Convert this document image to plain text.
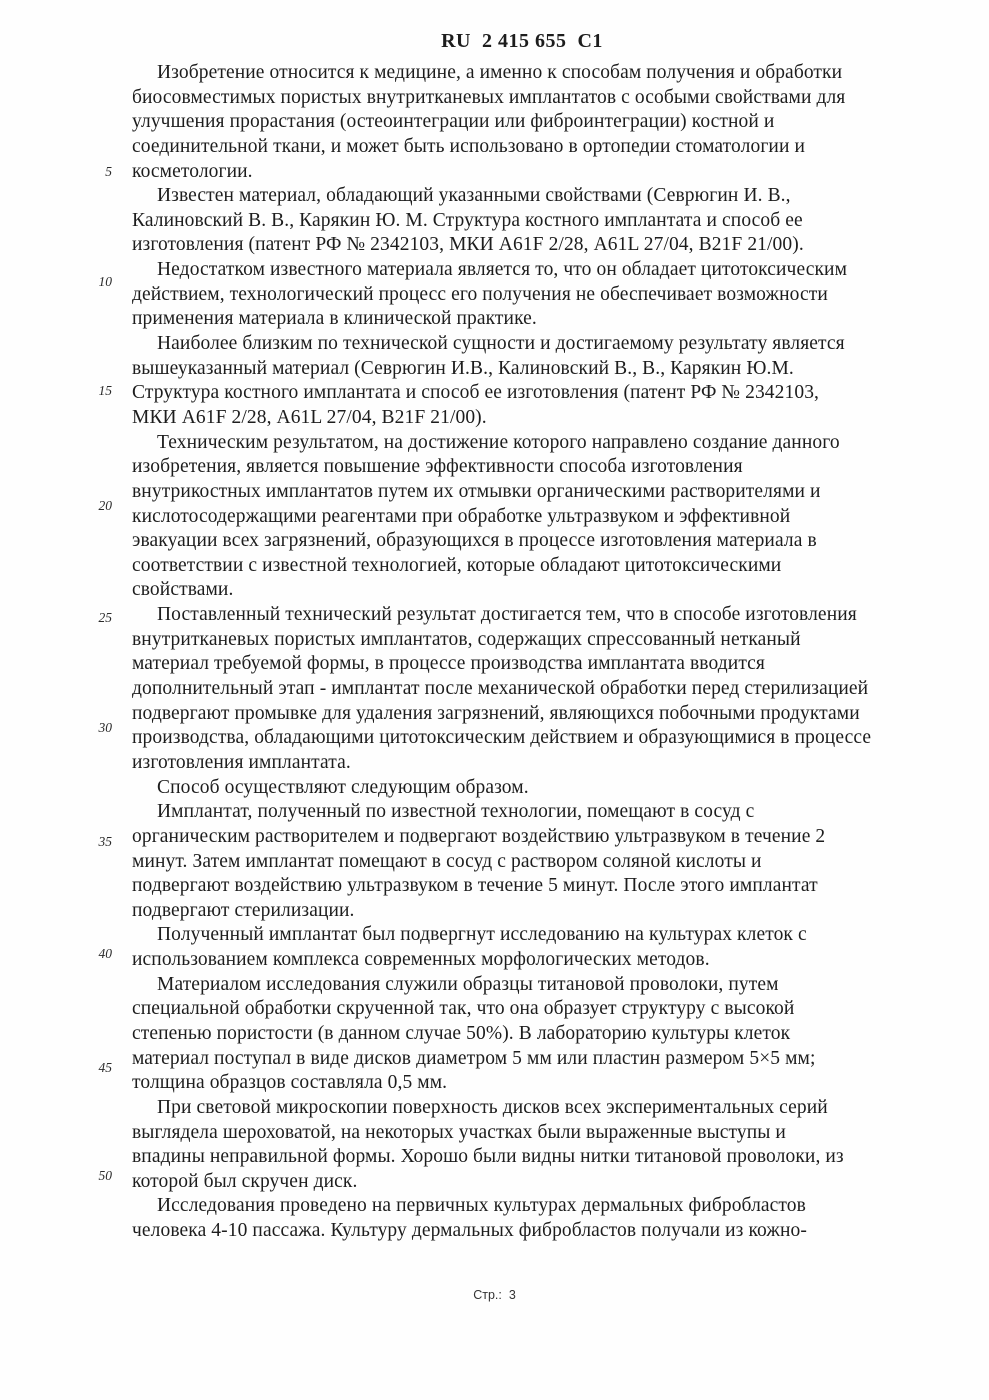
RU 2 415 655 C1
5
10
15
20
25
30
35
40
45
50
Изобретение относится к медицине, а именно к способам получения и обработки
биосовместимых пористых внутритканевых имплантатов с особыми свойствами для
улучшения прорастания (остеоинтеграции или фиброинтеграции) костной и
соединительной ткани, и может быть использовано в ортопедии стоматологии и
косметологии.
Известен материал, обладающий указанными свойствами (Севрюгин И. В.,
Калиновский В. В., Карякин Ю. М. Структура костного имплантата и способ ее
изготовления (патент РФ № 2342103, МКИ А61F 2/28, А61L 27/04, В21F 21/00).
Недостатком известного материала является то, что он обладает цитотоксическим
действием, технологический процесс его получения не обеспечивает возможности
применения материала в клинической практике.
Наиболее близким по технической сущности и достигаемому результату является
вышеуказанный материал (Севрюгин И.В., Калиновский В., В., Карякин Ю.М.
Структура костного имплантата и способ ее изготовления (патент РФ № 2342103,
МКИ А61F 2/28, А61L 27/04, В21F 21/00).
Техническим результатом, на достижение которого направлено создание данного
изобретения, является повышение эффективности способа изготовления
внутрикостных имплантатов путем их отмывки органическими растворителями и
кислотосодержащими реагентами при обработке ультразвуком и эффективной
эвакуации всех загрязнений, образующихся в процессе изготовления материала в
соответствии с известной технологией, которые обладают цитотоксическими
свойствами.
Поставленный технический результат достигается тем, что в способе изготовления
внутритканевых пористых имплантатов, содержащих спрессованный нетканый
материал требуемой формы, в процессе производства имплантата вводится
дополнительный этап - имплантат после механической обработки перед стерилизацией
подвергают промывке для удаления загрязнений, являющихся побочными продуктами
производства, обладающими цитотоксическим действием и образующимися в процессе
изготовления имплантата.
Способ осуществляют следующим образом.
Имплантат, полученный по известной технологии, помещают в сосуд с
органическим растворителем и подвергают воздействию ультразвуком в течение 2
минут. Затем имплантат помещают в сосуд с раствором соляной кислоты и
подвергают воздействию ультразвуком в течение 5 минут. После этого имплантат
подвергают стерилизации.
Полученный имплантат был подвергнут исследованию на культурах клеток с
использованием комплекса современных морфологических методов.
Материалом исследования служили образцы титановой проволоки, путем
специальной обработки скрученной так, что она образует структуру с высокой
степенью пористости (в данном случае 50%). В лабораторию культуры клеток
материал поступал в виде дисков диаметром 5 мм или пластин размером 5×5 мм;
толщина образцов составляла 0,5 мм.
При световой микроскопии поверхность дисков всех экспериментальных серий
выглядела шероховатой, на некоторых участках были выраженные выступы и
впадины неправильной формы. Хорошо были видны нитки титановой проволоки, из
которой был скручен диск.
Исследования проведено на первичных культурах дермальных фибробластов
человека 4-10 пассажа. Культуру дермальных фибробластов получали из кожно-
Стр.: 3
